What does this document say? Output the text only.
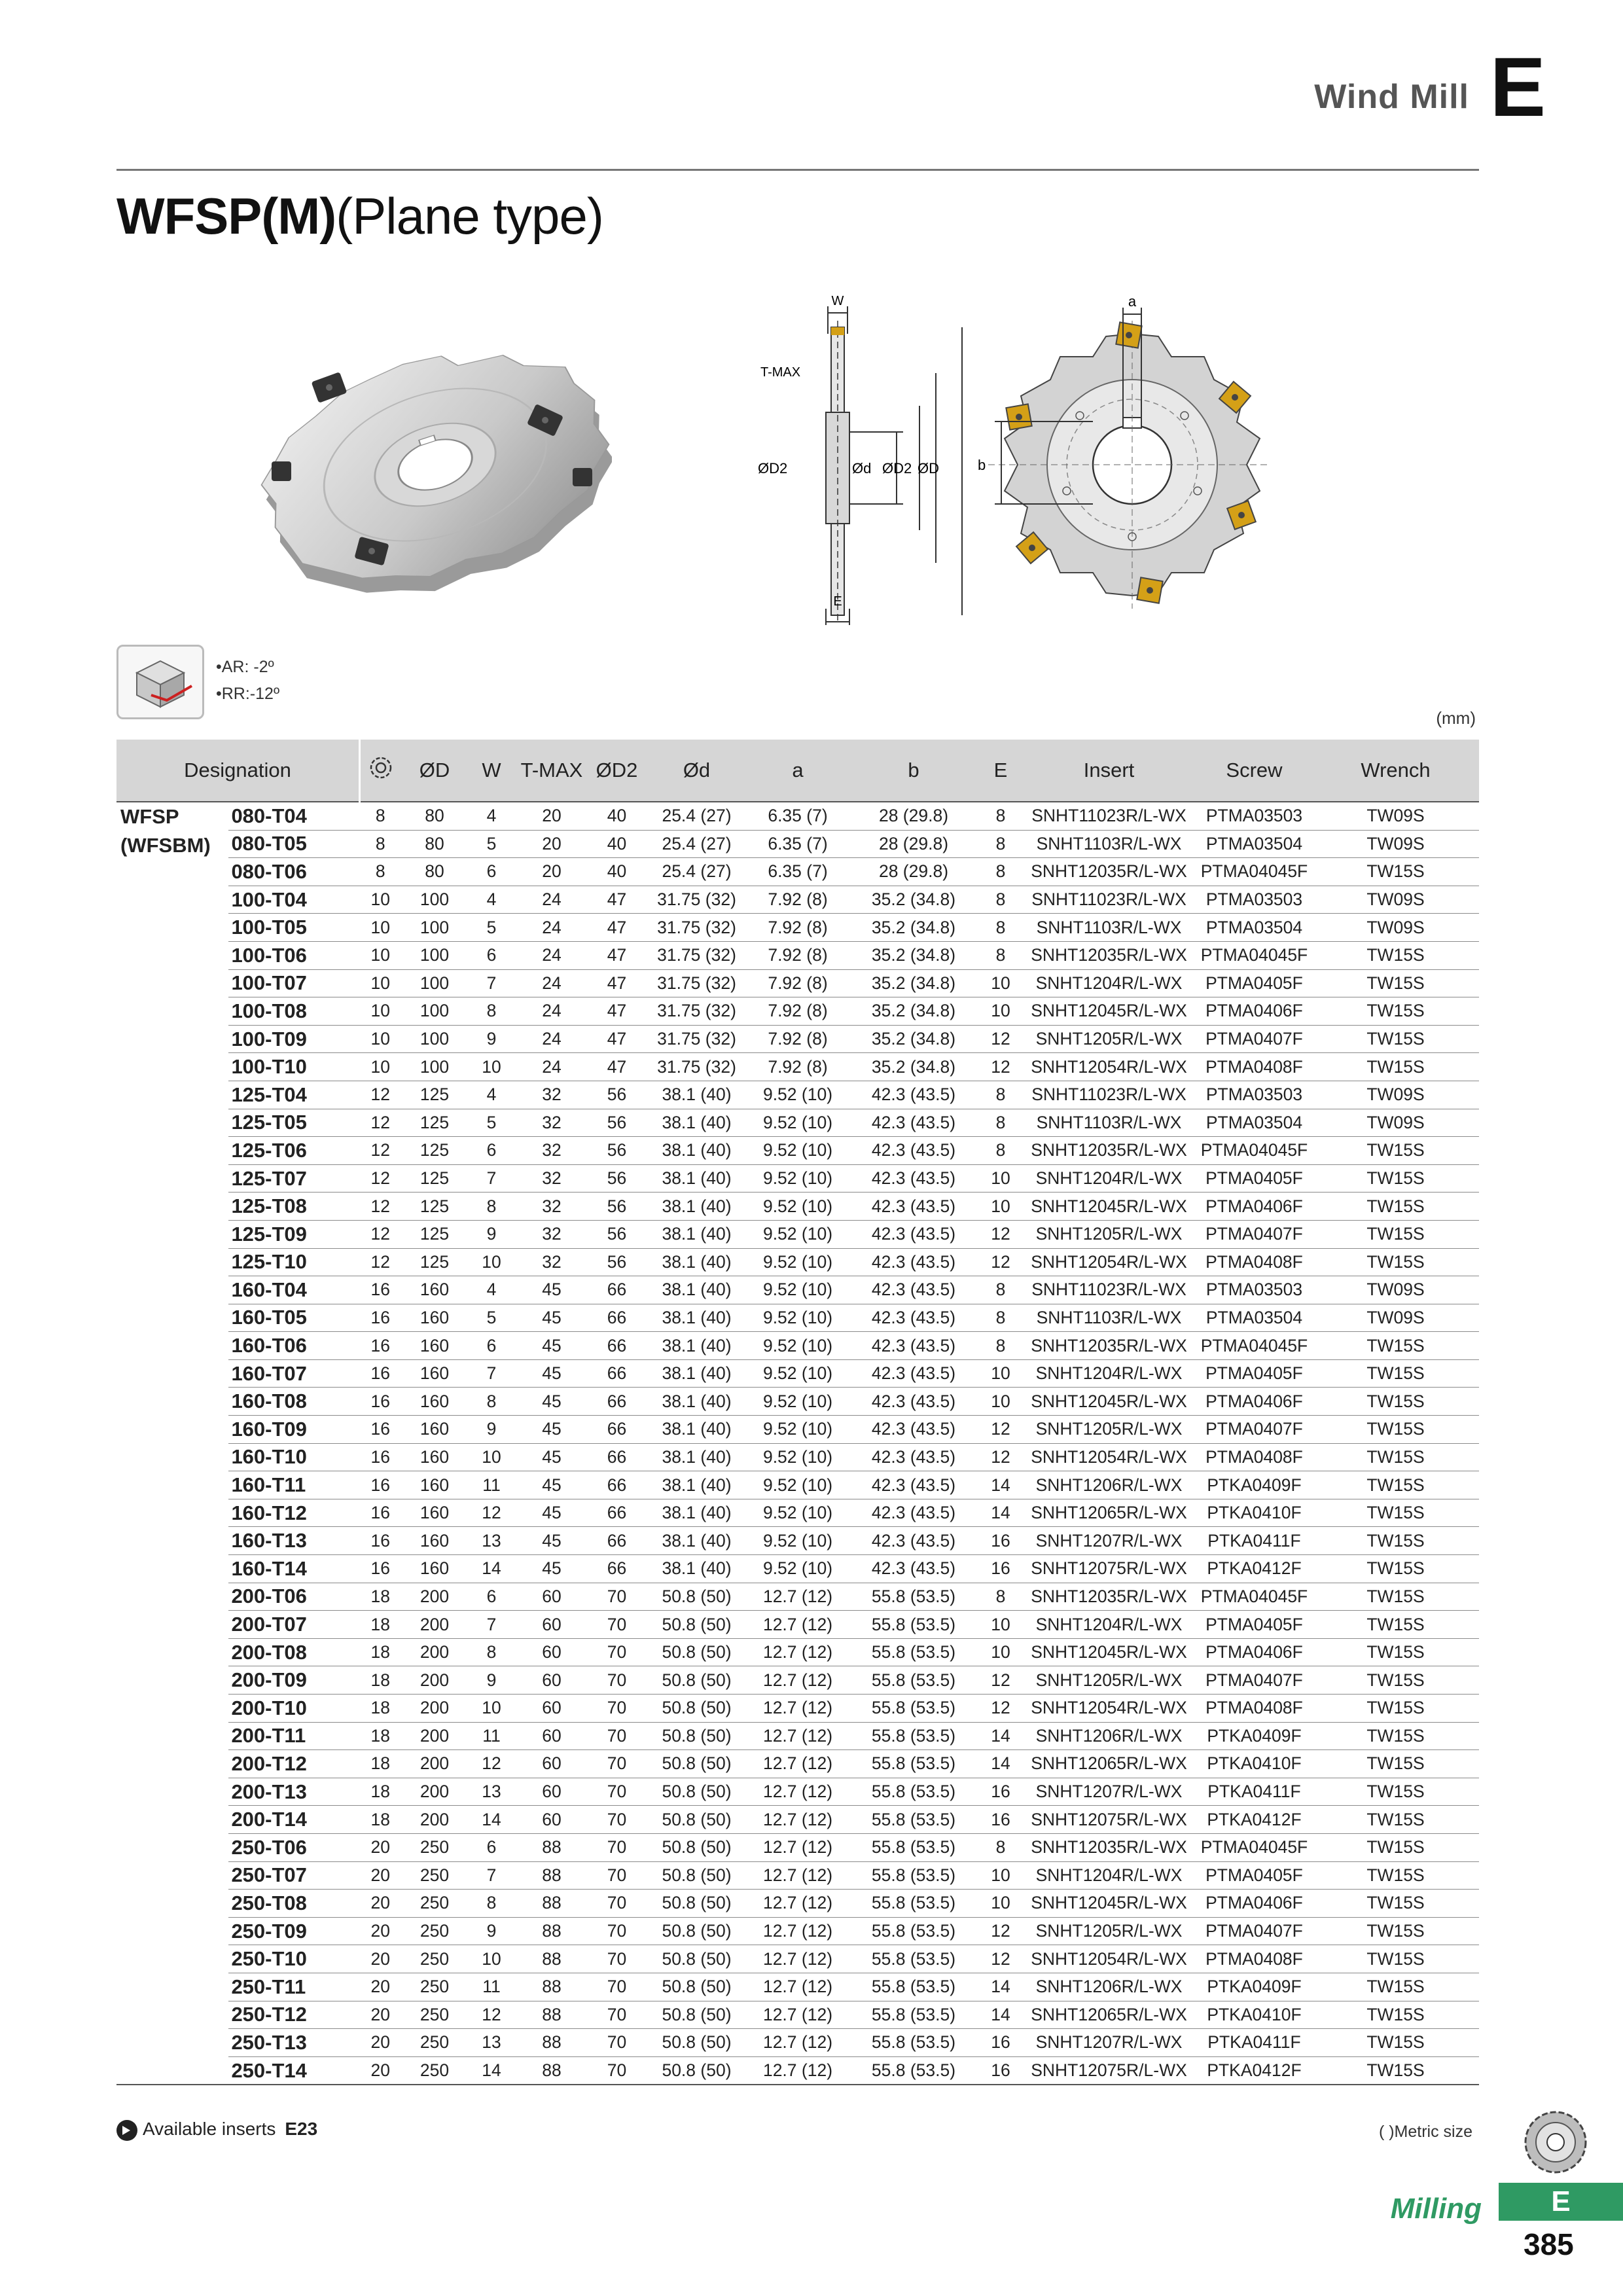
Wind Mill E
WFSP(M)(Plane type)
W
T-MAX
ØD2	Ød ØD2 ØD
E
a
b
•AR: -2º
•RR:-12º
(mm)
Designation			ØD	W	T-MAX	ØD2	Ød	a	b	E	Insert	Screw	Wrench

WFSP
(WFSBM)	080-T04	8	80	4	20	40	25.4 (27)	6.35 (7)	28 (29.8)	8	SNHT11023R/L-WX	PTMA03503	TW09S
	080-T05	8	80	5	20	40	25.4 (27)	6.35 (7)	28 (29.8)	8	SNHT1103R/L-WX	PTMA03504	TW09S
	080-T06	8	80	6	20	40	25.4 (27)	6.35 (7)	28 (29.8)	8	SNHT12035R/L-WX	PTMA04045F	TW15S
	100-T04	10	100	4	24	47	31.75 (32)	7.92 (8)	35.2 (34.8)	8	SNHT11023R/L-WX	PTMA03503	TW09S
	100-T05	10	100	5	24	47	31.75 (32)	7.92 (8)	35.2 (34.8)	8	SNHT1103R/L-WX	PTMA03504	TW09S
	100-T06	10	100	6	24	47	31.75 (32)	7.92 (8)	35.2 (34.8)	8	SNHT12035R/L-WX	PTMA04045F	TW15S
	100-T07	10	100	7	24	47	31.75 (32)	7.92 (8)	35.2 (34.8)	10	SNHT1204R/L-WX	PTMA0405F	TW15S
	100-T08	10	100	8	24	47	31.75 (32)	7.92 (8)	35.2 (34.8)	10	SNHT12045R/L-WX	PTMA0406F	TW15S
	100-T09	10	100	9	24	47	31.75 (32)	7.92 (8)	35.2 (34.8)	12	SNHT1205R/L-WX	PTMA0407F	TW15S
	100-T10	10	100	10	24	47	31.75 (32)	7.92 (8)	35.2 (34.8)	12	SNHT12054R/L-WX	PTMA0408F	TW15S
	125-T04	12	125	4	32	56	38.1 (40)	9.52 (10)	42.3 (43.5)	8	SNHT11023R/L-WX	PTMA03503	TW09S
	125-T05	12	125	5	32	56	38.1 (40)	9.52 (10)	42.3 (43.5)	8	SNHT1103R/L-WX	PTMA03504	TW09S
	125-T06	12	125	6	32	56	38.1 (40)	9.52 (10)	42.3 (43.5)	8	SNHT12035R/L-WX	PTMA04045F	TW15S
	125-T07	12	125	7	32	56	38.1 (40)	9.52 (10)	42.3 (43.5)	10	SNHT1204R/L-WX	PTMA0405F	TW15S
	125-T08	12	125	8	32	56	38.1 (40)	9.52 (10)	42.3 (43.5)	10	SNHT12045R/L-WX	PTMA0406F	TW15S
	125-T09	12	125	9	32	56	38.1 (40)	9.52 (10)	42.3 (43.5)	12	SNHT1205R/L-WX	PTMA0407F	TW15S
	125-T10	12	125	10	32	56	38.1 (40)	9.52 (10)	42.3 (43.5)	12	SNHT12054R/L-WX	PTMA0408F	TW15S
	160-T04	16	160	4	45	66	38.1 (40)	9.52 (10)	42.3 (43.5)	8	SNHT11023R/L-WX	PTMA03503	TW09S
	160-T05	16	160	5	45	66	38.1 (40)	9.52 (10)	42.3 (43.5)	8	SNHT1103R/L-WX	PTMA03504	TW09S
	160-T06	16	160	6	45	66	38.1 (40)	9.52 (10)	42.3 (43.5)	8	SNHT12035R/L-WX	PTMA04045F	TW15S
	160-T07	16	160	7	45	66	38.1 (40)	9.52 (10)	42.3 (43.5)	10	SNHT1204R/L-WX	PTMA0405F	TW15S
	160-T08	16	160	8	45	66	38.1 (40)	9.52 (10)	42.3 (43.5)	10	SNHT12045R/L-WX	PTMA0406F	TW15S
	160-T09	16	160	9	45	66	38.1 (40)	9.52 (10)	42.3 (43.5)	12	SNHT1205R/L-WX	PTMA0407F	TW15S
	160-T10	16	160	10	45	66	38.1 (40)	9.52 (10)	42.3 (43.5)	12	SNHT12054R/L-WX	PTMA0408F	TW15S
	160-T11	16	160	11	45	66	38.1 (40)	9.52 (10)	42.3 (43.5)	14	SNHT1206R/L-WX	PTKA0409F	TW15S
	160-T12	16	160	12	45	66	38.1 (40)	9.52 (10)	42.3 (43.5)	14	SNHT12065R/L-WX	PTKA0410F	TW15S
	160-T13	16	160	13	45	66	38.1 (40)	9.52 (10)	42.3 (43.5)	16	SNHT1207R/L-WX	PTKA0411F	TW15S
	160-T14	16	160	14	45	66	38.1 (40)	9.52 (10)	42.3 (43.5)	16	SNHT12075R/L-WX	PTKA0412F	TW15S
	200-T06	18	200	6	60	70	50.8 (50)	12.7 (12)	55.8 (53.5)	8	SNHT12035R/L-WX	PTMA04045F	TW15S
	200-T07	18	200	7	60	70	50.8 (50)	12.7 (12)	55.8 (53.5)	10	SNHT1204R/L-WX	PTMA0405F	TW15S
	200-T08	18	200	8	60	70	50.8 (50)	12.7 (12)	55.8 (53.5)	10	SNHT12045R/L-WX	PTMA0406F	TW15S
	200-T09	18	200	9	60	70	50.8 (50)	12.7 (12)	55.8 (53.5)	12	SNHT1205R/L-WX	PTMA0407F	TW15S
	200-T10	18	200	10	60	70	50.8 (50)	12.7 (12)	55.8 (53.5)	12	SNHT12054R/L-WX	PTMA0408F	TW15S
	200-T11	18	200	11	60	70	50.8 (50)	12.7 (12)	55.8 (53.5)	14	SNHT1206R/L-WX	PTKA0409F	TW15S
	200-T12	18	200	12	60	70	50.8 (50)	12.7 (12)	55.8 (53.5)	14	SNHT12065R/L-WX	PTKA0410F	TW15S
	200-T13	18	200	13	60	70	50.8 (50)	12.7 (12)	55.8 (53.5)	16	SNHT1207R/L-WX	PTKA0411F	TW15S
	200-T14	18	200	14	60	70	50.8 (50)	12.7 (12)	55.8 (53.5)	16	SNHT12075R/L-WX	PTKA0412F	TW15S
	250-T06	20	250	6	88	70	50.8 (50)	12.7 (12)	55.8 (53.5)	8	SNHT12035R/L-WX	PTMA04045F	TW15S
	250-T07	20	250	7	88	70	50.8 (50)	12.7 (12)	55.8 (53.5)	10	SNHT1204R/L-WX	PTMA0405F	TW15S
	250-T08	20	250	8	88	70	50.8 (50)	12.7 (12)	55.8 (53.5)	10	SNHT12045R/L-WX	PTMA0406F	TW15S
	250-T09	20	250	9	88	70	50.8 (50)	12.7 (12)	55.8 (53.5)	12	SNHT1205R/L-WX	PTMA0407F	TW15S
	250-T10	20	250	10	88	70	50.8 (50)	12.7 (12)	55.8 (53.5)	12	SNHT12054R/L-WX	PTMA0408F	TW15S
	250-T11	20	250	11	88	70	50.8 (50)	12.7 (12)	55.8 (53.5)	14	SNHT1206R/L-WX	PTKA0409F	TW15S
	250-T12	20	250	12	88	70	50.8 (50)	12.7 (12)	55.8 (53.5)	14	SNHT12065R/L-WX	PTKA0410F	TW15S
	250-T13	20	250	13	88	70	50.8 (50)	12.7 (12)	55.8 (53.5)	16	SNHT1207R/L-WX	PTKA0411F	TW15S
	250-T14	20	250	14	88	70	50.8 (50)	12.7 (12)	55.8 (53.5)	16	SNHT12075R/L-WX	PTKA0412F	TW15S
Available inserts E23	( )Metric size
Milling	E
385
